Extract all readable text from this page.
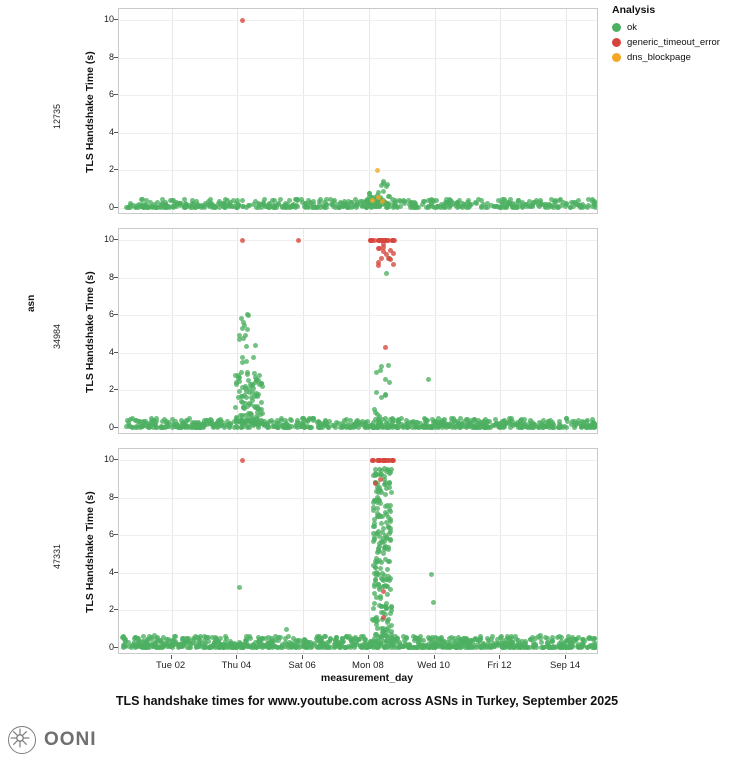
Analysis
ok
generic_timeout_error
dns_blockpage
asn
measurement_day
TLS handshake times for www.youtube.com across ASNs in Turkey, September 2025
OONI
0
2
4
6
8
10
TLS Handshake Time (s)
12735
0
2
4
6
8
10
TLS Handshake Time (s)
34984
0
2
4
6
8
10
TLS Handshake Time (s)
47331
Tue 02	Thu 04	Sat 06	Mon 08	Wed 10	Fri 12	Sep 14
